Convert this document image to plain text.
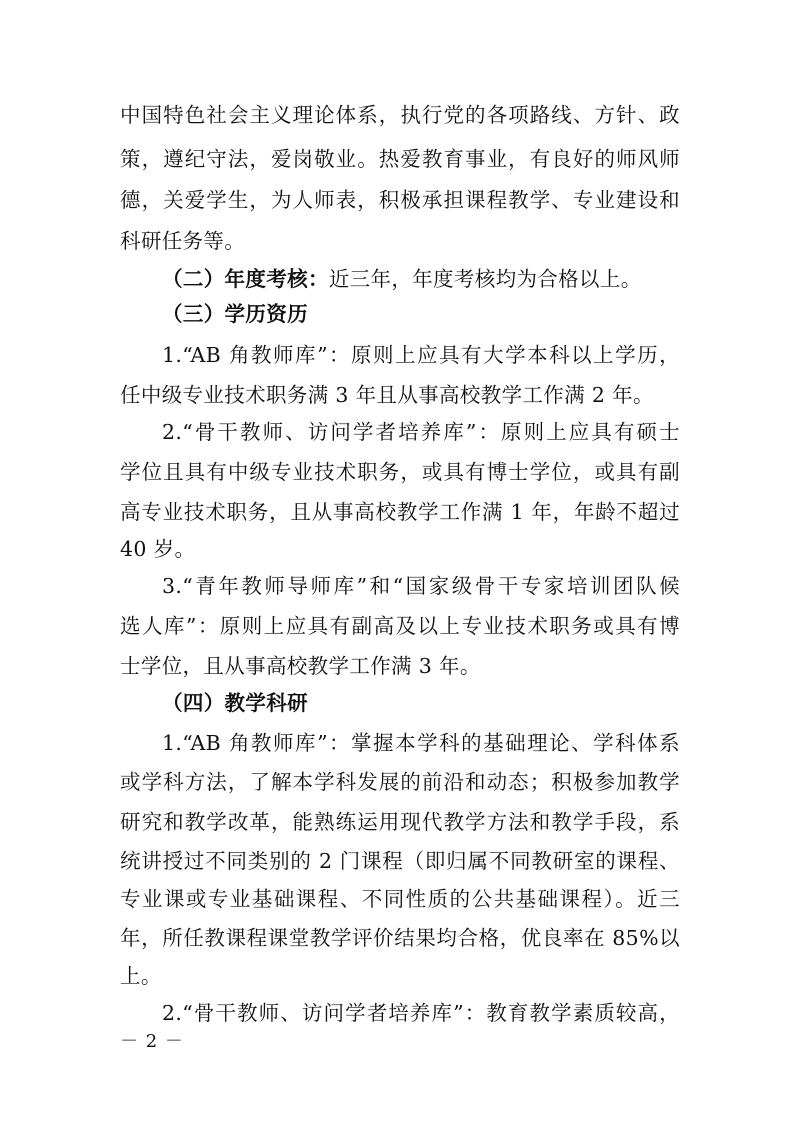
中国特色社会主义理论体系，执行党的各项路线、方针、政
策，遵纪守法，爱岗敬业。热爱教育事业，有良好的师风师
德，关爱学生，为人师表，积极承担课程教学、专业建设和
科研任务等。
（二）年度考核：近三年，年度考核均为合格以上。
（三）学历资历
1.“AB 角教师库”：原则上应具有大学本科以上学历，
任中级专业技术职务满 3 年且从事高校教学工作满 2 年。
2.“骨干教师、访问学者培养库”：原则上应具有硕士
学位且具有中级专业技术职务，或具有博士学位，或具有副
高专业技术职务，且从事高校教学工作满 1 年，年龄不超过
40 岁。
3.“青年教师导师库”和“国家级骨干专家培训团队候
选人库”：原则上应具有副高及以上专业技术职务或具有博
士学位，且从事高校教学工作满 3 年。
（四）教学科研
1.“AB 角教师库”：掌握本学科的基础理论、学科体系
或学科方法，了解本学科发展的前沿和动态；积极参加教学
研究和教学改革，能熟练运用现代教学方法和教学手段，系
统讲授过不同类别的 2 门课程（即归属不同教研室的课程、
专业课或专业基础课程、不同性质的公共基础课程）。近三
年，所任教课程课堂教学评价结果均合格，优良率在 85%以
上。
2.“骨干教师、访问学者培养库”：教育教学素质较高，
－ 2 －
